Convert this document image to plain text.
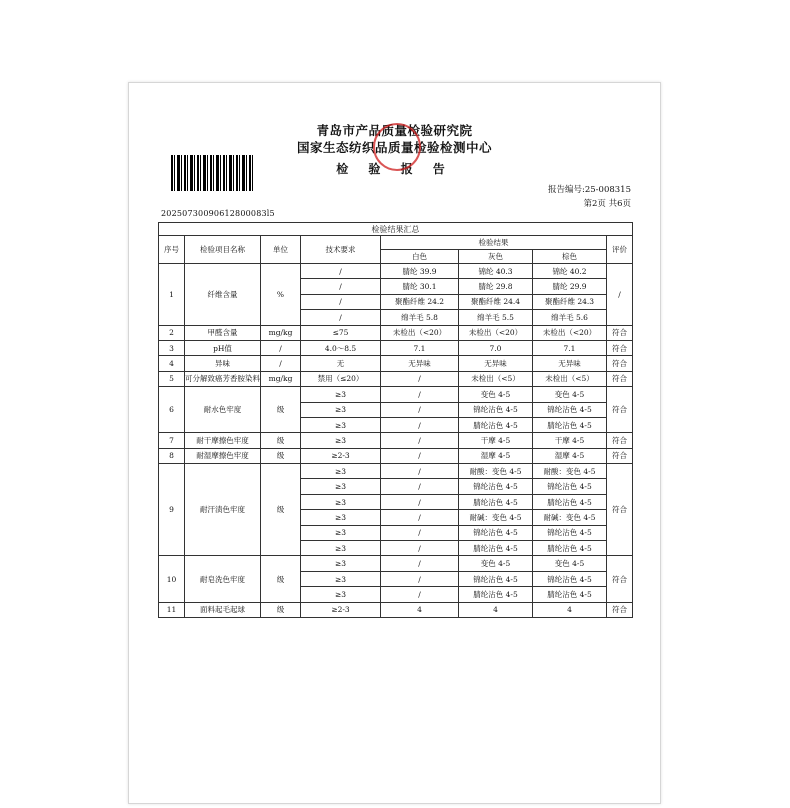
青岛市产品质量检验研究院
国家生态纺织品质量检验检测中心
检 验 报 告
报告编号:25-008315
第2页 共6页
20250730090612800083l5
检验结果汇总							
序号	检验项目名称	单位	技术要求	检验结果			评价
				白色	灰色	棕色	
1	纤维含量	%	/	腈纶 39.9	锦纶 40.3	锦纶 40.2	/
			/	腈纶 30.1	腈纶 29.8	腈纶 29.9	
			/	聚酯纤维 24.2	聚酯纤维 24.4	聚酯纤维 24.3	
			/	绵羊毛 5.8	绵羊毛 5.5	绵羊毛 5.6	
2	甲醛含量	mg/kg	≤75	未检出（<20）	未检出（<20）	未检出（<20）	符合
3	pH值	/	4.0～8.5	7.1	7.0	7.1	符合
4	异味	/	无	无异味	无异味	无异味	符合
5	可分解致癌芳香胺染料	mg/kg	禁用（≤20）	/	未检出（<5）	未检出（<5）	符合
6	耐水色牢度	级	≥3	/	变色 4-5	变色 4-5	符合
			≥3	/	锦纶沾色 4-5	锦纶沾色 4-5	
			≥3	/	腈纶沾色 4-5	腈纶沾色 4-5	
7	耐干摩擦色牢度	级	≥3	/	干摩 4-5	干摩 4-5	符合
8	耐湿摩擦色牢度	级	≥2-3	/	湿摩 4-5	湿摩 4-5	符合
9	耐汗渍色牢度	级	≥3	/	耐酸：变色 4-5	耐酸：变色 4-5	符合
			≥3	/	锦纶沾色 4-5	锦纶沾色 4-5	
			≥3	/	腈纶沾色 4-5	腈纶沾色 4-5	
			≥3	/	耐碱：变色 4-5	耐碱：变色 4-5	
			≥3	/	锦纶沾色 4-5	锦纶沾色 4-5	
			≥3	/	腈纶沾色 4-5	腈纶沾色 4-5	
10	耐皂洗色牢度	级	≥3	/	变色 4-5	变色 4-5	符合
			≥3	/	锦纶沾色 4-5	锦纶沾色 4-5	
			≥3	/	腈纶沾色 4-5	腈纶沾色 4-5	
11	面料起毛起球	级	≥2-3	4	4	4	符合
